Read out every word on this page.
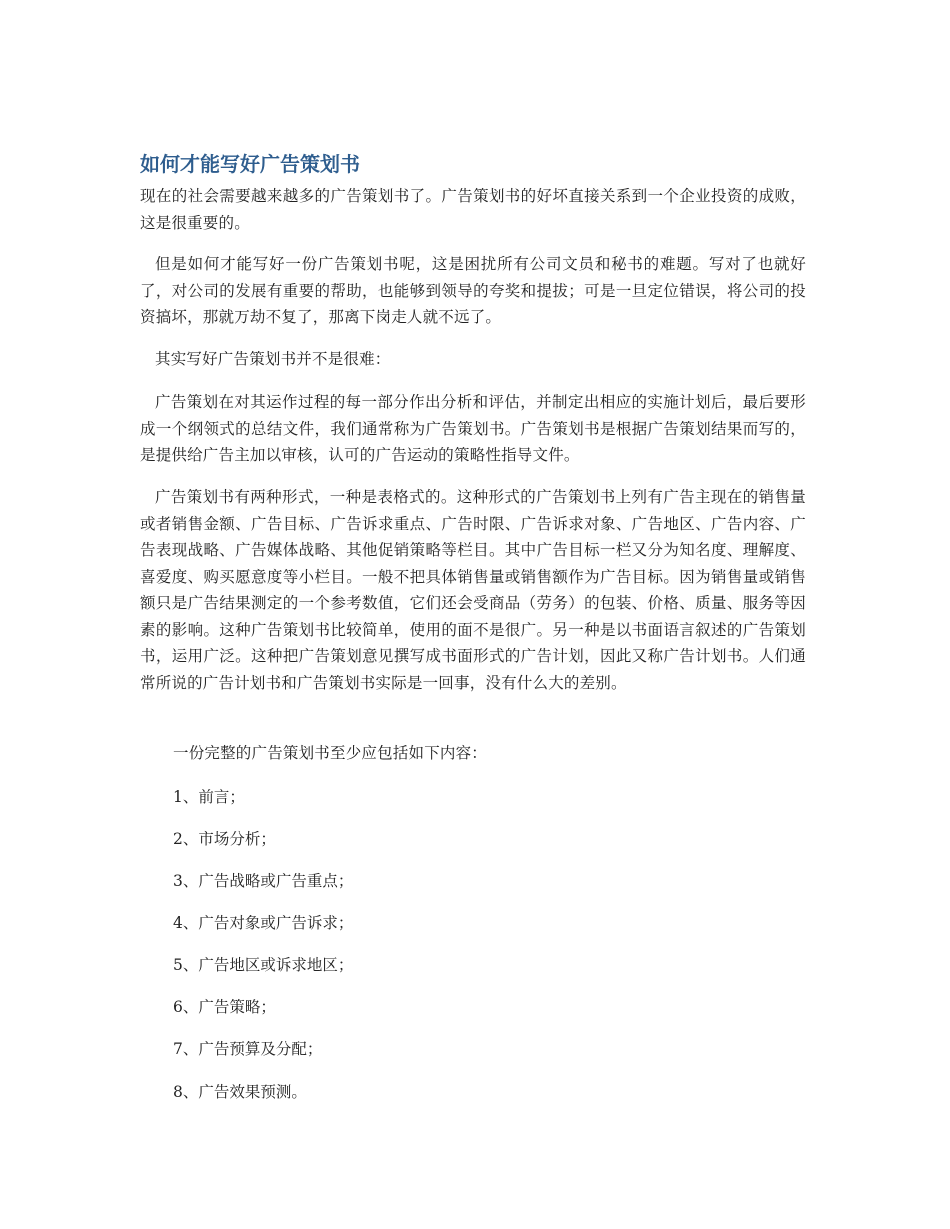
如何才能写好广告策划书

现在的社会需要越来越多的广告策划书了。广告策划书的好坏直接关系到一个企业投资的成败，这是很重要的。

但是如何才能写好一份广告策划书呢，这是困扰所有公司文员和秘书的难题。写对了也就好了，对公司的发展有重要的帮助，也能够到领导的夸奖和提拔；可是一旦定位错误，将公司的投资搞坏，那就万劫不复了，那离下岗走人就不远了。

其实写好广告策划书并不是很难：

广告策划在对其运作过程的每一部分作出分析和评估，并制定出相应的实施计划后，最后要形成一个纲领式的总结文件，我们通常称为广告策划书。广告策划书是根据广告策划结果而写的，是提供给广告主加以审核，认可的广告运动的策略性指导文件。

广告策划书有两种形式，一种是表格式的。这种形式的广告策划书上列有广告主现在的销售量或者销售金额、广告目标、广告诉求重点、广告时限、广告诉求对象、广告地区、广告内容、广告表现战略、广告媒体战略、其他促销策略等栏目。其中广告目标一栏又分为知名度、理解度、喜爱度、购买愿意度等小栏目。一般不把具体销售量或销售额作为广告目标。因为销售量或销售额只是广告结果测定的一个参考数值，它们还会受商品（劳务）的包装、价格、质量、服务等因素的影响。这种广告策划书比较简单，使用的面不是很广。另一种是以书面语言叙述的广告策划书，运用广泛。这种把广告策划意见撰写成书面形式的广告计划，因此又称广告计划书。人们通常所说的广告计划书和广告策划书实际是一回事，没有什么大的差别。

一份完整的广告策划书至少应包括如下内容：

1、前言；

2、市场分析；

3、广告战略或广告重点；

4、广告对象或广告诉求；

5、广告地区或诉求地区；

6、广告策略；

7、广告预算及分配；

8、广告效果预测。
